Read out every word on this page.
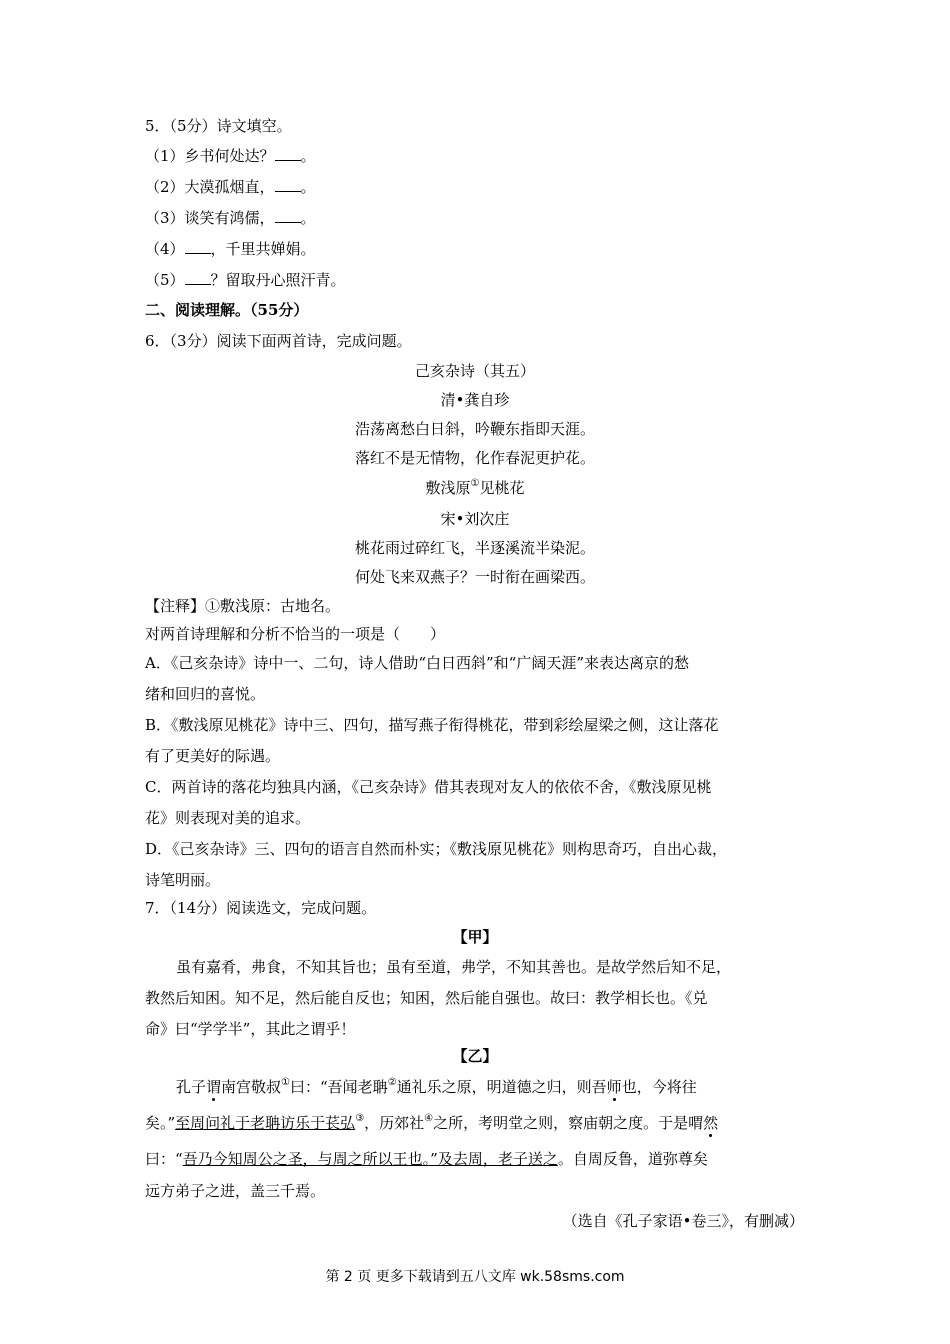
5．（5分）诗文填空。
（1）乡书何处达？ 。
（2）大漠孤烟直， 。
（3）谈笑有鸿儒， 。
（4） ，千里共婵娟。
（5） ？留取丹心照汗青。
二、阅读理解。（55分）
6．（3分）阅读下面两首诗，完成问题。
己亥杂诗（其五）
清•龚自珍
浩荡离愁白日斜，吟鞭东指即天涯。
落红不是无情物，化作春泥更护花。
敷浅原①见桃花
宋•刘次庄
桃花雨过碎红飞，半逐溪流半染泥。
何处飞来双燕子？一时衔在画梁西。
【注释】①敷浅原：古地名。
对两首诗理解和分析不恰当的一项是（　　）
A．《己亥杂诗》诗中一、二句，诗人借助“白日西斜”和“广阔天涯”来表达离京的愁
绪和回归的喜悦。
B．《敷浅原见桃花》诗中三、四句，描写燕子衔得桃花，带到彩绘屋梁之侧，这让落花
有了更美好的际遇。
C．两首诗的落花均独具内涵，《己亥杂诗》借其表现对友人的依依不舍，《敷浅原见桃
花》则表现对美的追求。
D．《己亥杂诗》三、四句的语言自然而朴实；《敷浅原见桃花》则构思奇巧，自出心裁，
诗笔明丽。
7．（14分）阅读选文，完成问题。
【甲】
虽有嘉肴，弗食，不知其旨也；虽有至道，弗学，不知其善也。是故学然后知不足，
教然后知困。知不足，然后能自反也；知困，然后能自强也。故曰：教学相长也。《兑
命》曰“学学半”，其此之谓乎！
【乙】
孔子谓南宫敬叔①曰：“吾闻老聃②通礼乐之原，明道德之归，则吾师也，今将往
矣。”至周问礼于老聃访乐于苌弘③，历郊社④之所，考明堂之则，察庙朝之度。于是喟然
曰：“吾乃今知周公之圣，与周之所以王也。”及去周，老子送之。自周反鲁，道弥尊矣
远方弟子之进，盖三千焉。
（选自《孔子家语•卷三》，有删减）
第 2 页 更多下载请到五八文库 wk.58sms.com
